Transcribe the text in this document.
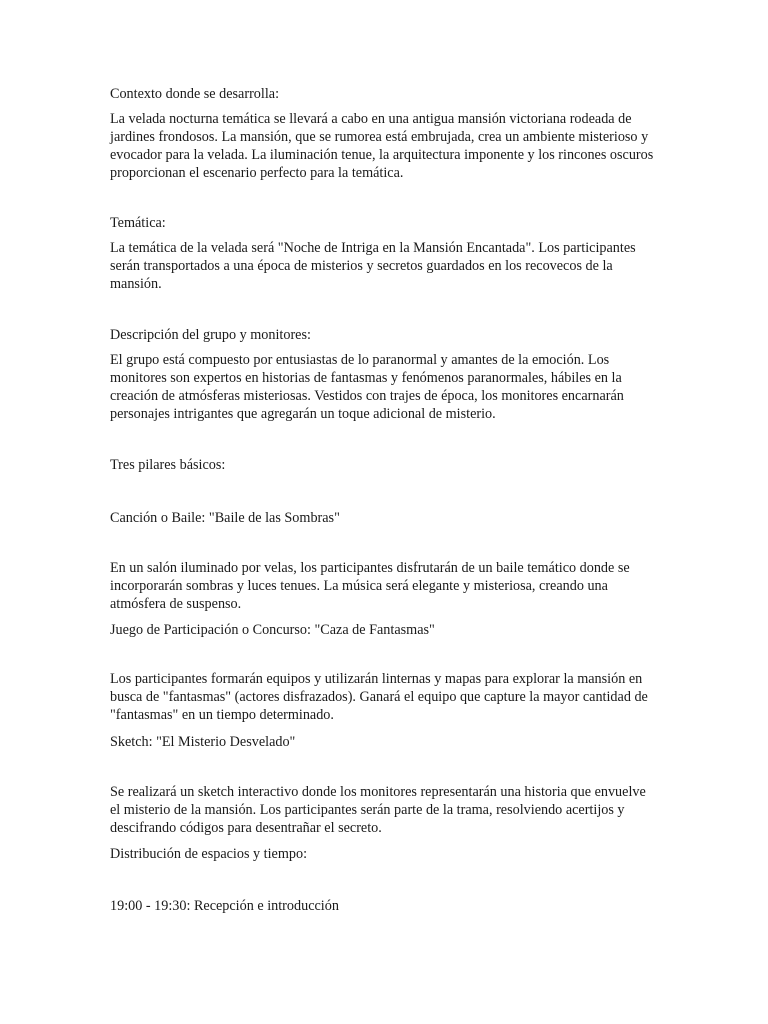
Contexto donde se desarrolla:
La velada nocturna temática se llevará a cabo en una antigua mansión victoriana rodeada de
jardines frondosos. La mansión, que se rumorea está embrujada, crea un ambiente misterioso y
evocador para la velada. La iluminación tenue, la arquitectura imponente y los rincones oscuros
proporcionan el escenario perfecto para la temática.
Temática:
La temática de la velada será "Noche de Intriga en la Mansión Encantada". Los participantes
serán transportados a una época de misterios y secretos guardados en los recovecos de la
mansión.
Descripción del grupo y monitores:
El grupo está compuesto por entusiastas de lo paranormal y amantes de la emoción. Los
monitores son expertos en historias de fantasmas y fenómenos paranormales, hábiles en la
creación de atmósferas misteriosas. Vestidos con trajes de época, los monitores encarnarán
personajes intrigantes que agregarán un toque adicional de misterio.
Tres pilares básicos:
Canción o Baile: "Baile de las Sombras"
En un salón iluminado por velas, los participantes disfrutarán de un baile temático donde se
incorporarán sombras y luces tenues. La música será elegante y misteriosa, creando una
atmósfera de suspenso.
Juego de Participación o Concurso: "Caza de Fantasmas"
Los participantes formarán equipos y utilizarán linternas y mapas para explorar la mansión en
busca de "fantasmas" (actores disfrazados). Ganará el equipo que capture la mayor cantidad de
"fantasmas" en un tiempo determinado.
Sketch: "El Misterio Desvelado"
Se realizará un sketch interactivo donde los monitores representarán una historia que envuelve
el misterio de la mansión. Los participantes serán parte de la trama, resolviendo acertijos y
descifrando códigos para desentrañar el secreto.
Distribución de espacios y tiempo:
19:00 - 19:30: Recepción e introducción
